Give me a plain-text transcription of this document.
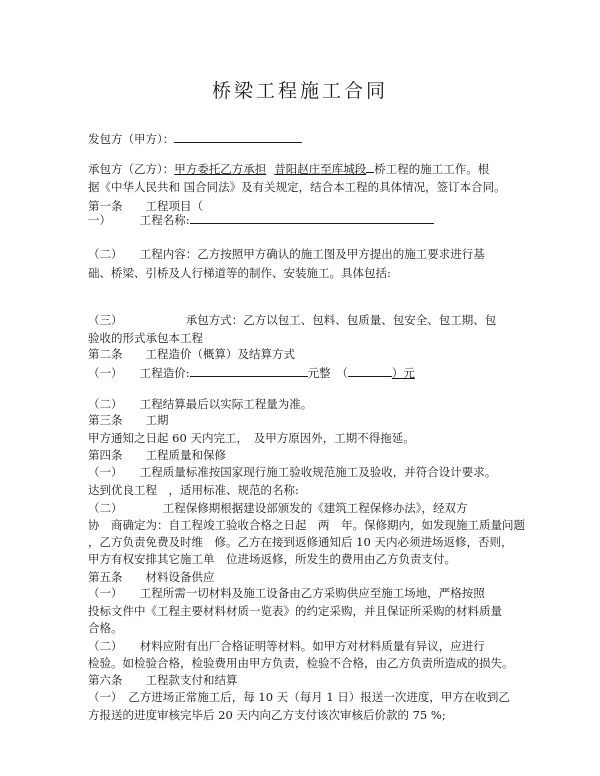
桥梁工程施工合同
发包方（甲方）：
承包方（乙方）：甲方委托乙方承担 昔阳赵庄至库城段 桥工程的施工工作。根
据《中华人民共和 国合同法》及有关规定，结合本工程的具体情况，签订本合同。
第一条　　工程项目（
一）　　　工程名称:
（二）　　工程内容：乙方按照甲方确认的施工图及甲方提出的施工要求进行基
础、桥梁、引桥及人行梯道等的制作、安装施工。具体包括:
（三）　　　　　　承包方式：乙方以包工、包料、包质量、包安全、包工期、包
验收的形式承包本工程
第二条　　工程造价（概算）及结算方式
（一）　　工程造价:	元整　（	）元
（二）　　工程结算最后以实际工程量为准。
第三条　　工期
甲方通知之日起 60 天内完工，　及甲方原因外，工期不得拖延。
第四条　　工程质量和保修
（一）　　工程质量标准按国家现行施工验收规范施工及验收，并符合设计要求。
达到优良工程　，适用标准、规范的名称:
（二）　　　　工程保修期根据建设部颁发的《建筑工程保修办法》，经双方
协　商确定为：自工程竣工验收合格之日起　两　年。保修期内，如发现施工质量问题
，乙方负责免费及时维　修。乙方在接到返修通知后 10 天内必须进场返修，否则，
甲方有权安排其它施工单　位进场返修，所发生的费用由乙方负责支付。
第五条　　材料设备供应
（一）　　工程所需一切材料及施工设备由乙方采购供应至施工场地，严格按照
投标文件中《工程主要材料材质一览表》的约定采购，并且保证所采购的材料质量
合格。
（二）　　材料应附有出厂合格证明等材料。如甲方对材料质量有异议，应进行
检验。如检验合格，检验费用由甲方负责，检验不合格，由乙方负责所造成的损失。
第六条　　工程款支付和结算
（一）　乙方进场正常施工后，每 10 天（每月 1 日）报送一次进度，甲方在收到乙
方报送的进度审核完毕后 20 天内向乙方支付该次审核后价款的 75 %;
